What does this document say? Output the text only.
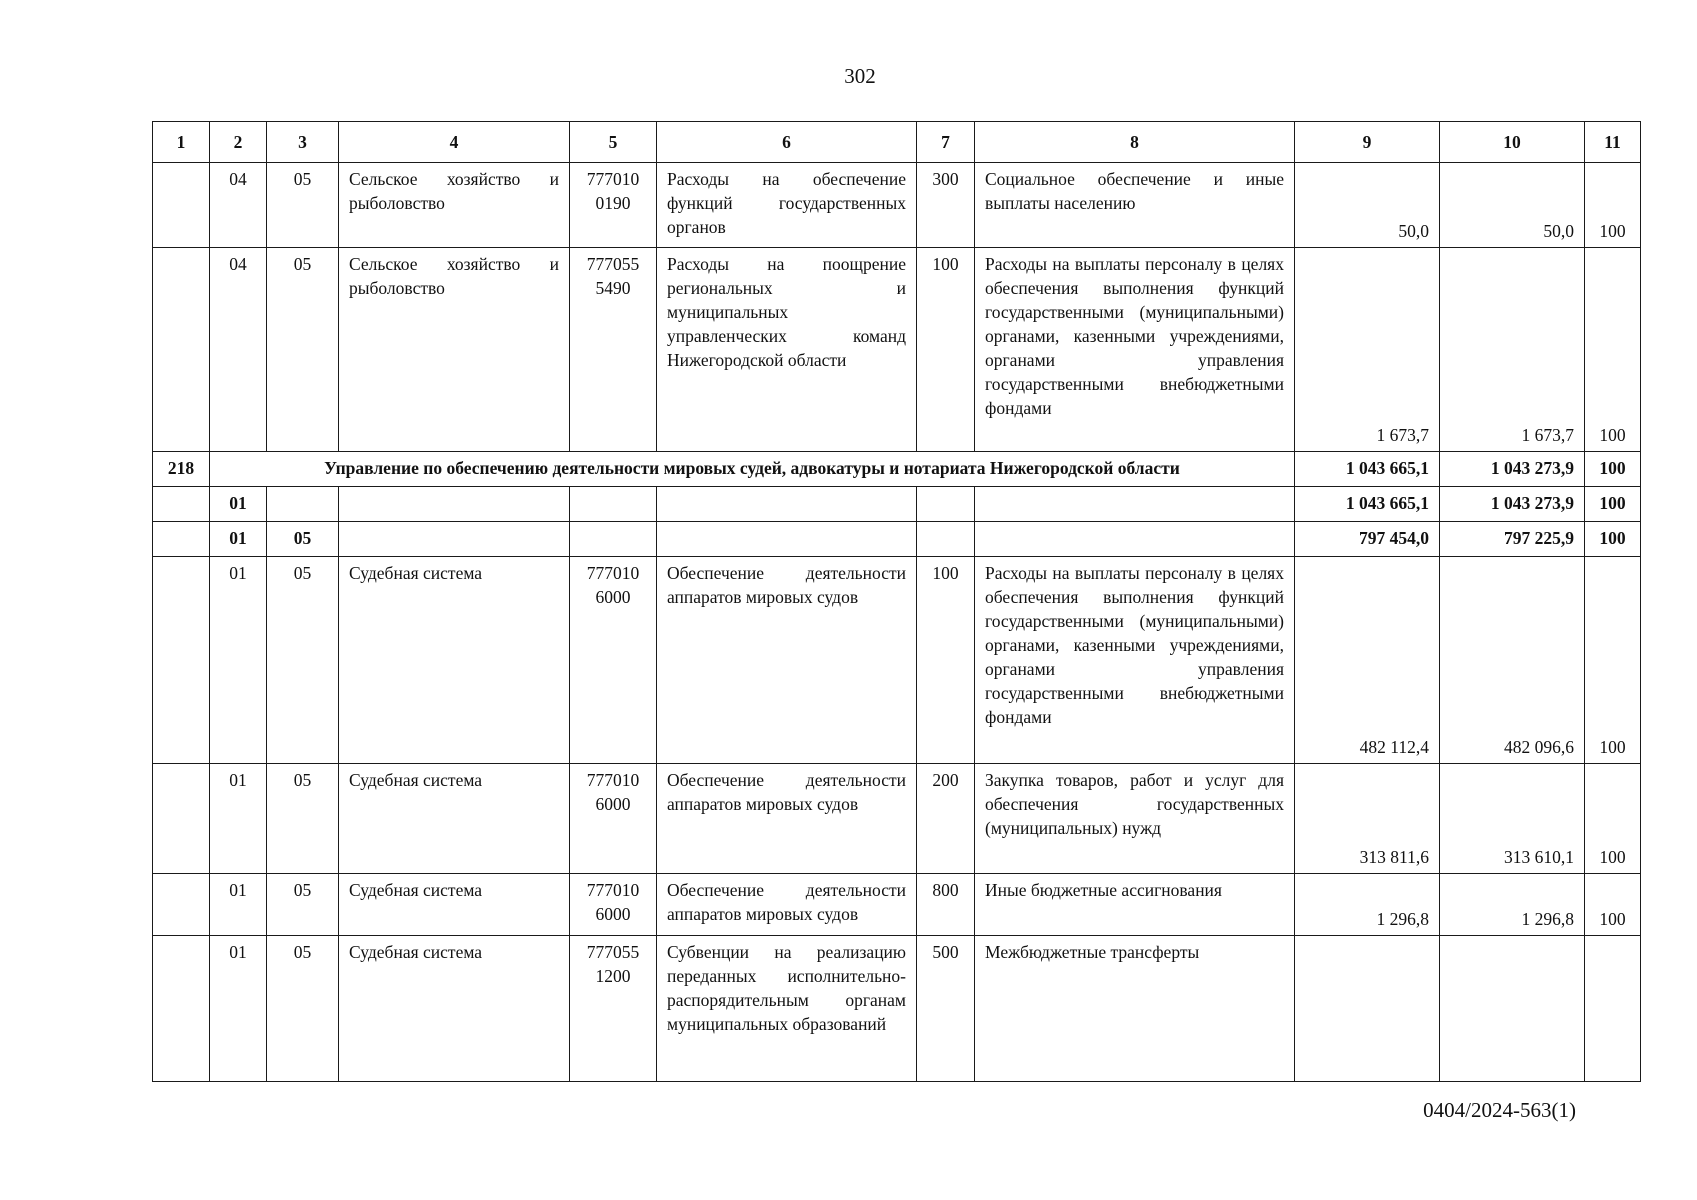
302
1	2	3	4	5	6	7	8	9	10	11
	04	05	Сельское хозяйство и рыболовство	777010 0190	Расходы на обеспечение функций государственных органов	300	Социальное обеспечение и иные выплаты населению	50,0	50,0	100
	04	05	Сельское хозяйство и рыболовство	777055 5490	Расходы на поощрение региональных и муниципальных управленческих команд Нижегородской области	100	Расходы на выплаты персоналу в целях обеспечения выполнения функций государственными (муниципальными) органами, казенными учреждениями, органами управления государственными внебюджетными фондами	1 673,7	1 673,7	100
218	Управление по обеспечению деятельности мировых судей, адвокатуры и нотариата Нижегородской области							1 043 665,1	1 043 273,9	100
	01							1 043 665,1	1 043 273,9	100
	01	05						797 454,0	797 225,9	100
	01	05	Судебная система	777010 6000	Обеспечение деятельности аппаратов мировых судов	100	Расходы на выплаты персоналу в целях обеспечения выполнения функций государственными (муниципальными) органами, казенными учреждениями, органами управления государственными внебюджетными фондами	482 112,4	482 096,6	100
	01	05	Судебная система	777010 6000	Обеспечение деятельности аппаратов мировых судов	200	Закупка товаров, работ и услуг для обеспечения государственных (муниципальных) нужд	313 811,6	313 610,1	100
	01	05	Судебная система	777010 6000	Обеспечение деятельности аппаратов мировых судов	800	Иные бюджетные ассигнования	1 296,8	1 296,8	100
	01	05	Судебная система	777055 1200	Субвенции на реализацию переданных исполнительно-распорядительным органам муниципальных образований	500	Межбюджетные трансферты			
0404/2024-563(1)
